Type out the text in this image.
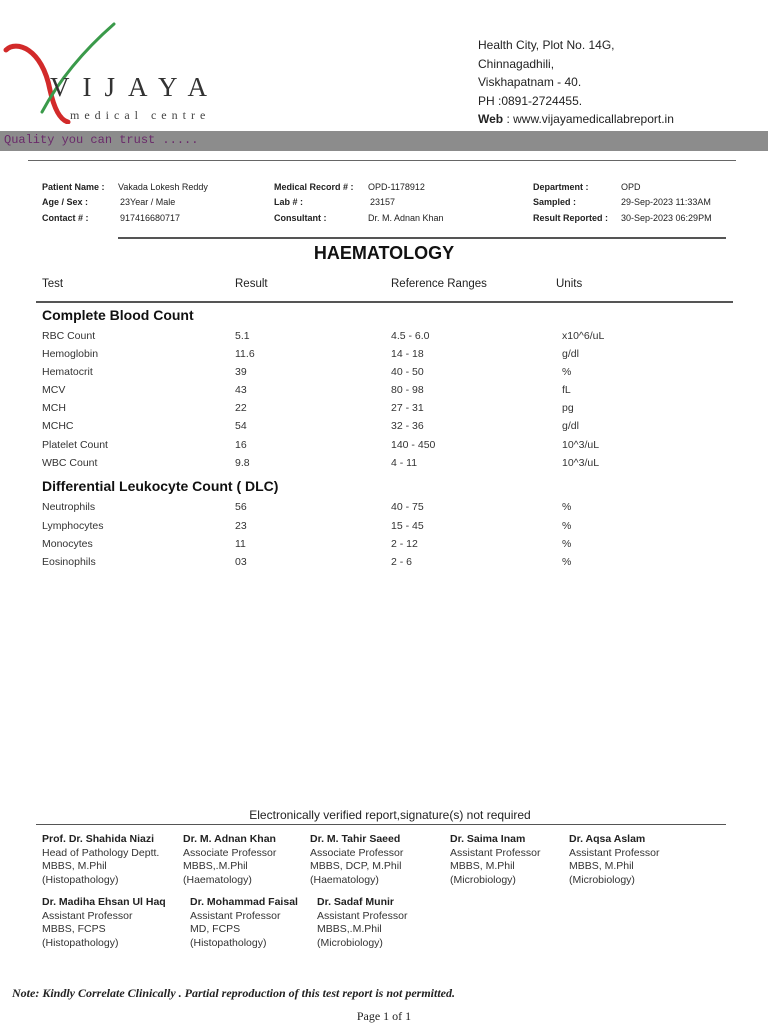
VIJAYA
medical centre
Health City, Plot No. 14G,
Chinnagadhili,
Viskhapatnam - 40.
PH :0891-2724455.
Web : www.vijayamedicallabreport.in
Quality you can trust .....
Patient Name : Vakada Lokesh Reddy
Age / Sex :	23Year / Male
Contact # :	917416680717
Medical Record # : OPD-1178912
Lab # :	23157
Consultant :	Dr. M. Adnan Khan
Department :	OPD
Sampled :	29-Sep-2023 11:33AM
Result Reported : 30-Sep-2023 06:29PM
HAEMATOLOGY
Test	Result	Reference Ranges	Units
Complete Blood Count
RBC Count	5.1	4.5 - 6.0	x10^6/uL
Hemoglobin	11.6	14 - 18	g/dl
Hematocrit	39	40 - 50	%
MCV	43	80 - 98	fL
MCH	22	27 - 31	pg
MCHC	54	32 - 36	g/dl
Platelet Count	16	140 - 450	10^3/uL
WBC Count	9.8	4 - 11	10^3/uL
Differential Leukocyte Count ( DLC)
Neutrophils	56	40 - 75	%
Lymphocytes	23	15 - 45	%
Monocytes	11	2 - 12	%
Eosinophils	03	2 - 6	%
Electronically verified report,signature(s) not required
Prof. Dr. Shahida Niazi
Head of Pathology Deptt.
MBBS, M.Phil
(Histopathology)
Dr. M. Adnan Khan
Associate Professor
MBBS,.M.Phil
(Haematology)
Dr. M. Tahir Saeed
Associate Professor
MBBS, DCP, M.Phil
(Haematology)
Dr. Saima Inam
Assistant Professor
MBBS, M.Phil
(Microbiology)
Dr. Aqsa Aslam
Assistant Professor
MBBS, M.Phil
(Microbiology)
Dr. Madiha Ehsan Ul Haq
Assistant Professor
MBBS, FCPS
(Histopathology)
Dr. Mohammad Faisal
Assistant Professor
MD, FCPS
(Histopathology)
Dr. Sadaf Munir
Assistant Professor
MBBS,.M.Phil
(Microbiology)
Note: Kindly Correlate Clinically . Partial reproduction of this test report is not permitted.
Page 1 of 1
